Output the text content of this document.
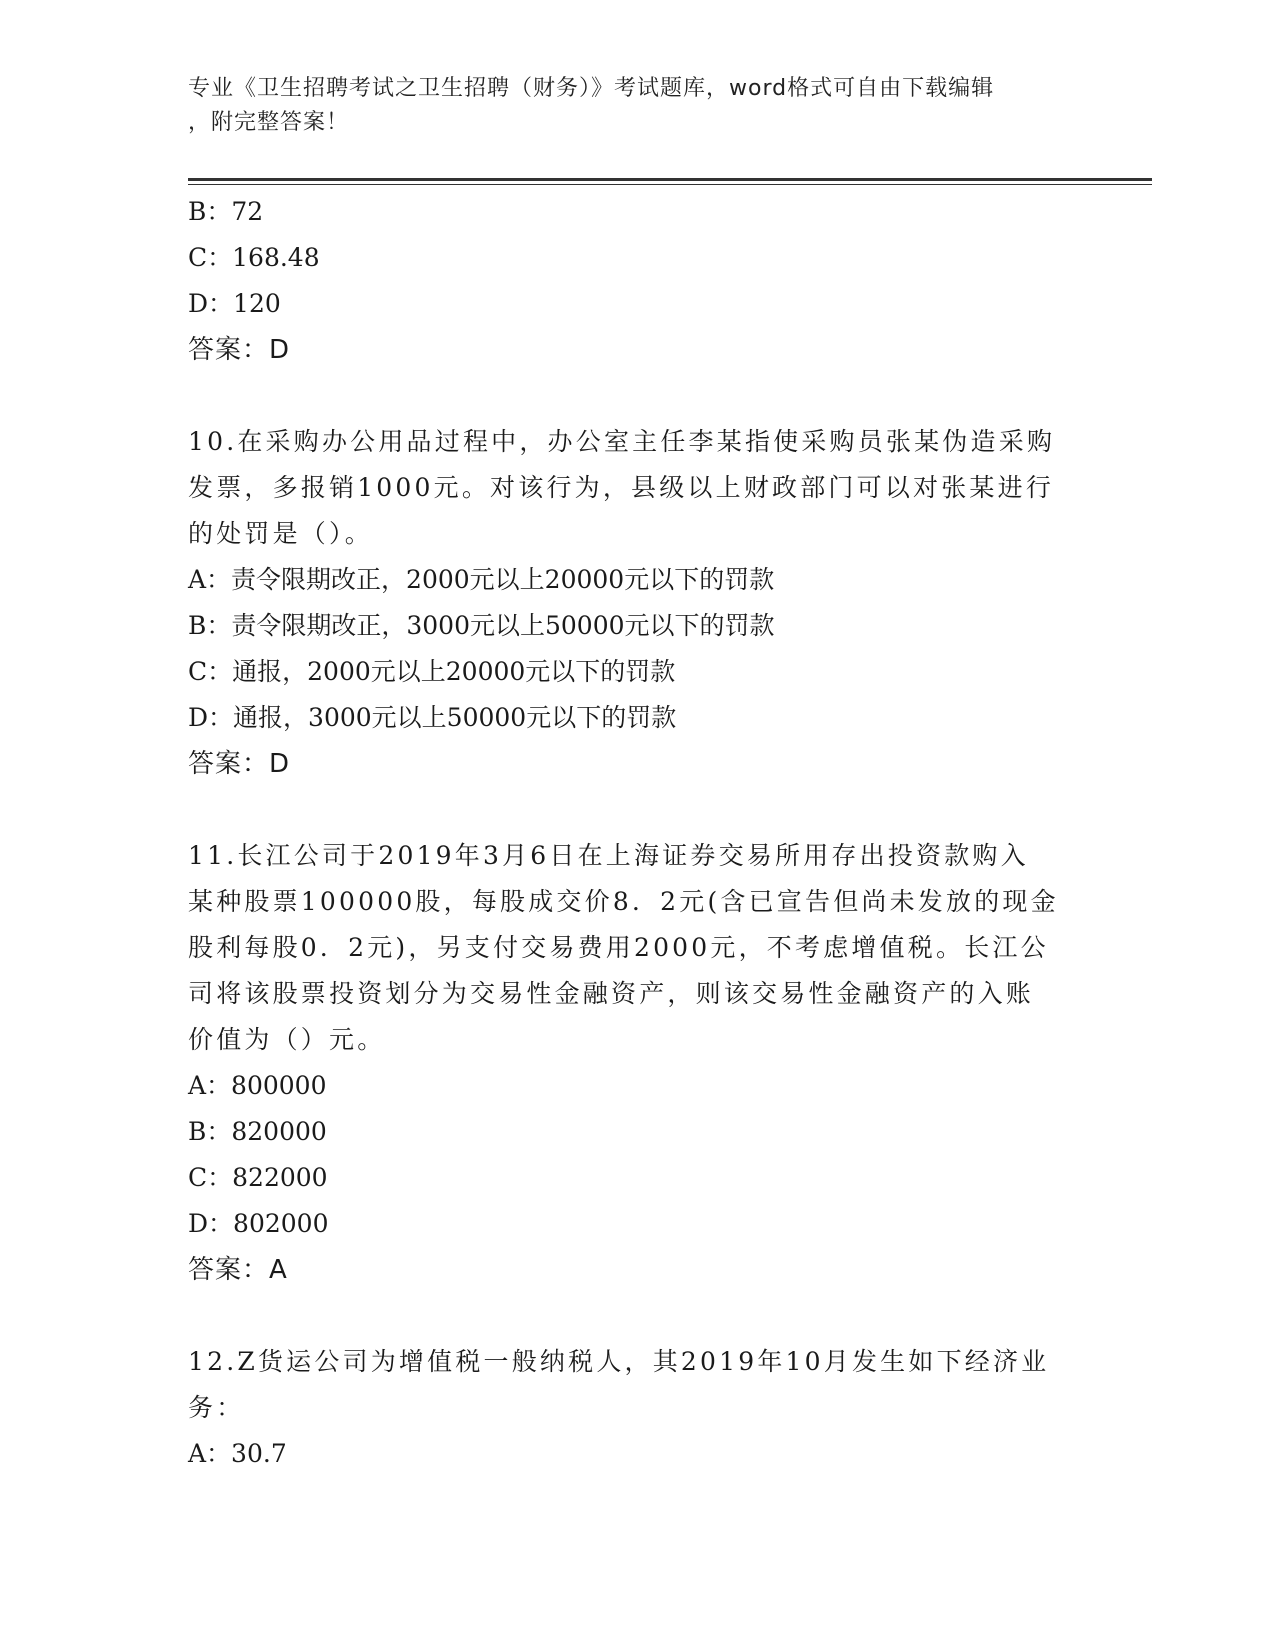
专业《卫生招聘考试之卫生招聘（财务）》考试题库，word格式可自由下载编辑
，附完整答案！
B：72
C：168.48
D：120
答案：D
10.在采购办公用品过程中，办公室主任李某指使采购员张某伪造采购
发票，多报销1000元。对该行为，县级以上财政部门可以对张某进行
的处罚是（）。
A：责令限期改正，2000元以上20000元以下的罚款
B：责令限期改正，3000元以上50000元以下的罚款
C：通报，2000元以上20000元以下的罚款
D：通报，3000元以上50000元以下的罚款
答案：D
11.长江公司于2019年3月6日在上海证券交易所用存出投资款购入
某种股票100000股，每股成交价8．2元(含已宣告但尚未发放的现金
股利每股0．2元)，另支付交易费用2000元，不考虑增值税。长江公
司将该股票投资划分为交易性金融资产，则该交易性金融资产的入账
价值为（）元。
A：800000
B：820000
C：822000
D：802000
答案：A
12.Z货运公司为增值税一般纳税人，其2019年10月发生如下经济业
务：
A：30.7
